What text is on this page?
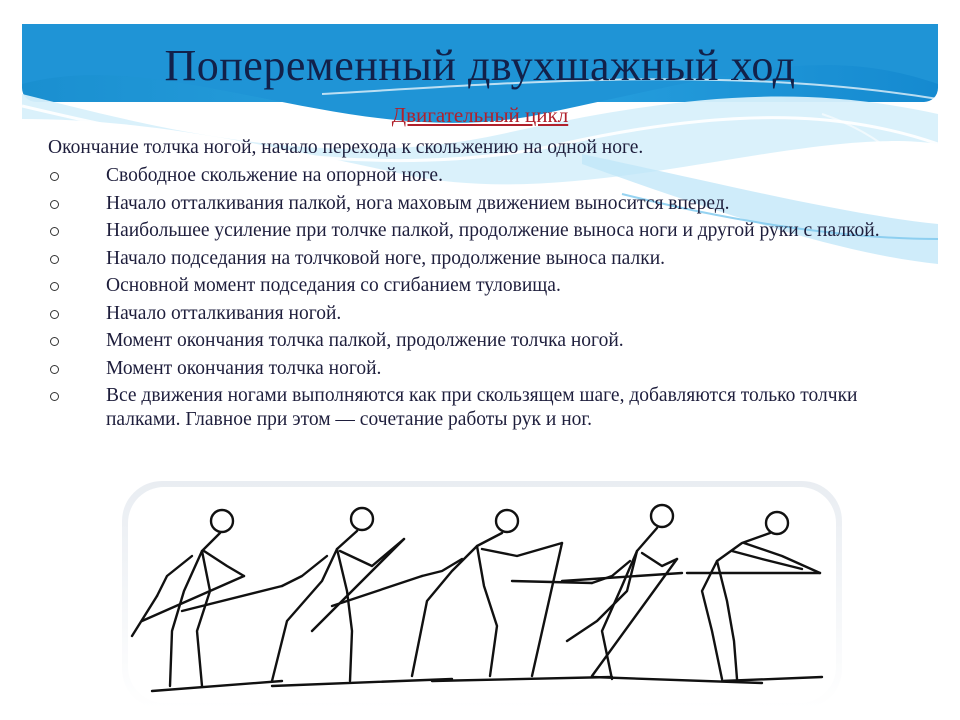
Попеременный двухшажный ход
Двигательный цикл
Окончание толчка ногой, начало перехода к скольжению на одной ноге.
Свободное скольжение на опорной ноге.
Начало отталкивания палкой, нога маховым движением выносится вперед.
Наибольшее усиление при толчке палкой, продолжение выноса ноги и другой руки с палкой.
Начало подседания на толчковой ноге, продолжение выноса палки.
Основной момент подседания со сгибанием туловища.
Начало отталкивания ногой.
Момент окончания толчка палкой, продолжение толчка ногой.
Момент окончания толчка ногой.
Все движения ногами выполняются как при скользящем шаге, добавляются только толчки палками. Главное при этом — сочетание работы рук и ног.
